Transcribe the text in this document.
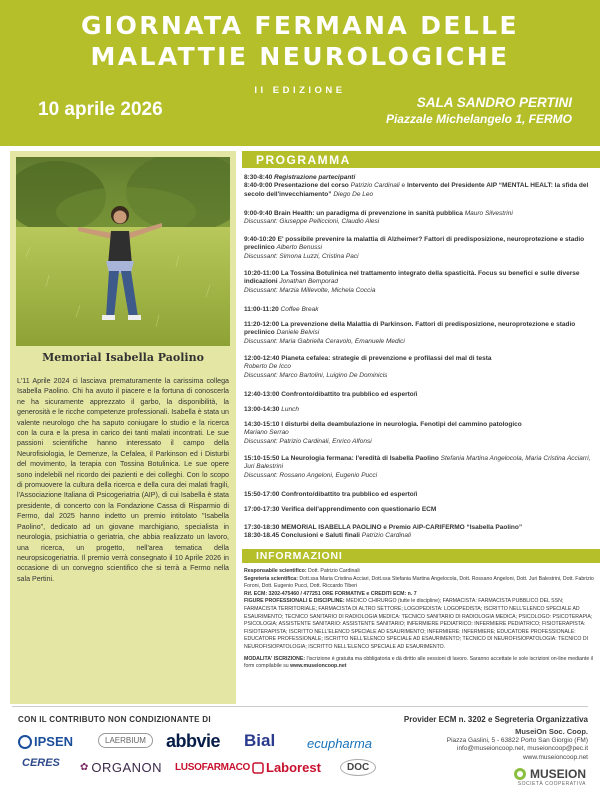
GIORNATA FERMANA DELLE
MALATTIE NEUROLOGICHE
II EDIZIONE
10 aprile 2026	SALA SANDRO PERTINI
Piazzale Michelangelo 1, FERMO
Memorial Isabella Paolino
L'11 Aprile 2024 ci lasciava prematuramente la carissima collega Isabella Paolino. Chi ha avuto il piacere e la fortuna di conoscerla ne ha sicuramente apprezzato il garbo, la disponibilità, la generosità e le ricche competenze professionali. Isabella è stata un valente neurologo che ha saputo coniugare lo studio e la ricerca con la cura e la presa in carico dei tanti malati incontrati. Le sue passioni scientifiche hanno interessato il campo della Neurofisiologia, le Demenze, la Cefalea, il Parkinson ed i Disturbi del movimento, la terapia con Tossina Botulinica. Le sue opere sono indelebili nel ricordo dei pazienti e dei colleghi. Con lo scopo di promuovere la cultura della ricerca e della cura dei malati fragili, l'Associazione Italiana di Psicogeriatria (AIP), di cui Isabella è stata presidente, di concerto con la Fondazione Cassa di Risparmio di Fermo, dal 2025 hanno indetto un premio intitolato "Isabella Paolino", dedicato ad un giovane marchigiano, specialista in neurologia, psichiatria o geriatria, che abbia realizzato un lavoro, una ricerca, un progetto, nell'area tematica della neuropsicogeriatria. Il premio verrà consegnato il 10 Aprile 2026 in occasione di un convegno scientifico che si terrà a Fermo nella sala Pertini.
PROGRAMMA
8:30-8:40 Registrazione partecipanti
8:40-9:00 Presentazione del corso Patrizio Cardinali e Intervento del Presidente AIP “MENTAL HEALT: la sfida del secolo dell'invecchiamento” Diego De Leo
9:00-9:40 Brain Health: un paradigma di prevenzione in sanità pubblica Mauro Silvestrini
Discussant: Giuseppe Pelliccioni, Claudio Alesi
9:40-10:20 E' possibile prevenire la malattia di Alzheimer? Fattori di predisposizione, neuroprotezione e stadio preclinico Alberto Benussi
Discussant: Simona Luzzi, Cristina Paci
10:20-11:00 La Tossina Botulinica nel trattamento integrato della spasticità. Focus su benefici e sulle diverse indicazioni Jonathan Bemporad
Discussant: Marzia Millevolte, Michela Coccia
11:00-11:20 Coffee Break
11:20-12:00 La prevenzione della Malattia di Parkinson. Fattori di predisposizione, neuroprotezione e stadio preclinico Daniele Belvisi
Discussant: Maria Gabriella Ceravolo, Emanuele Medici
12:00-12:40 Pianeta cefalea: strategie di prevenzione e profilassi del mal di testa
Roberto De Icco
Discussant: Marco Bartolini, Luigino De Dominicis
12:40-13:00 Confronto/dibattito tra pubblico ed esperto/i
13:00-14:30 Lunch
14:30-15:10 I disturbi della deambulazione in neurologia. Fenotipi del cammino patologico
Mariano Serrao
Discussant: Patrizio Cardinali, Enrico Alfonsi
15:10-15:50 La Neurologia fermana: l'eredità di Isabella Paolino Stefania Martina Angelocola, Maria Cristina Acciarri, Juri Balestrini
Discussant: Rossano Angeloni, Eugenio Pucci
15:50-17:00 Confronto/dibattito tra pubblico ed esperto/i
17:00-17:30 Verifica dell'apprendimento con questionario ECM
17:30-18:30 MEMORIAL ISABELLA PAOLINO e Premio AIP-CARIFERMO “Isabella Paolino”
18:30-18.45 Conclusioni e Saluti finali Patrizio Cardinali
INFORMAZIONI
Responsabile scientifico: Dott. Patrizio Cardinali
Segreteria scientifica: Dott.ssa Maria Cristina Acciari, Dott.ssa Stefania Martina Angelocola, Dott. Rossano Angeloni, Dott. Juri Balestrini, Dott. Fabrizio Foroni, Dott. Eugenio Pucci, Dott. Riccardo Tiberi
Rif. ECM: 3202-475460 / 477251 ORE FORMATIVE e CREDITI ECM: n. 7
FIGURE PROFESSIONALI E DISCIPLINE: MEDICO CHIRURGO (tutte le discipline); FARMACISTA: FARMACISTA PUBBLICO DEL SSN; FARMACISTA TERRITORIALE; FARMACISTA DI ALTRO SETTORE; LOGOPEDISTA: LOGOPEDISTA; ISCRITTO NELL'ELENCO SPECIALE AD ESAURIMENTO; TECNICO SANITARIO DI RADIOLOGIA MEDICA: TECNICO SANITARIO DI RADIOLOGIA MEDICA; PSICOLOGO: PSICOTERAPIA; PSICOLOGIA; ASSISTENTE SANITARIO: ASSISTENTE SANITARIO; INFERMIERE PEDIATRICO: INFERMIERE PEDIATRICO; FISIOTERAPISTA: FISIOTERAPISTA; ISCRITTO NELL'ELENCO SPECIALE AD ESAURIMENTO; INFERMIERE: INFERMIERE; EDUCATORE PROFESSIONALE: EDUCATORE PROFESSIONALE; ISCRITTO NELL'ELENCO SPECIALE AD ESAURIMENTO; TECNICO DI NEUROFISIOPATOLOGIA: TECNICO DI NEUROFISIOPATOLOGIA; ISCRITTO NELL'ELENCO SPECIALE AD ESAURIMENTO.
MODALITA' ISCRIZIONE: l'iscrizione è gratuita ma obbligatoria e dà diritto alle sessioni di lavoro. Saranno accettate le sole iscrizioni on-line mediante il form compilabile su www.museioncoop.net
CON IL CONTRIBUTO NON CONDIZIONANTE DI	Provider ECM n. 3202 e Segreteria Organizzativa
MuseiOn Soc. Coop.
Piazza Gaslini, 5 - 63822 Porto San Giorgio (FM)
info@museioncoop.net, museioncoop@pec.it
www.museioncoop.net
IPSEN	LAERBIUM abbvie Bial ecupharma
CERES ✿ ORGANON LUSOFARMACO Laborest	DOC	MUSEION
SOCIETÀ COOPERATIVA
